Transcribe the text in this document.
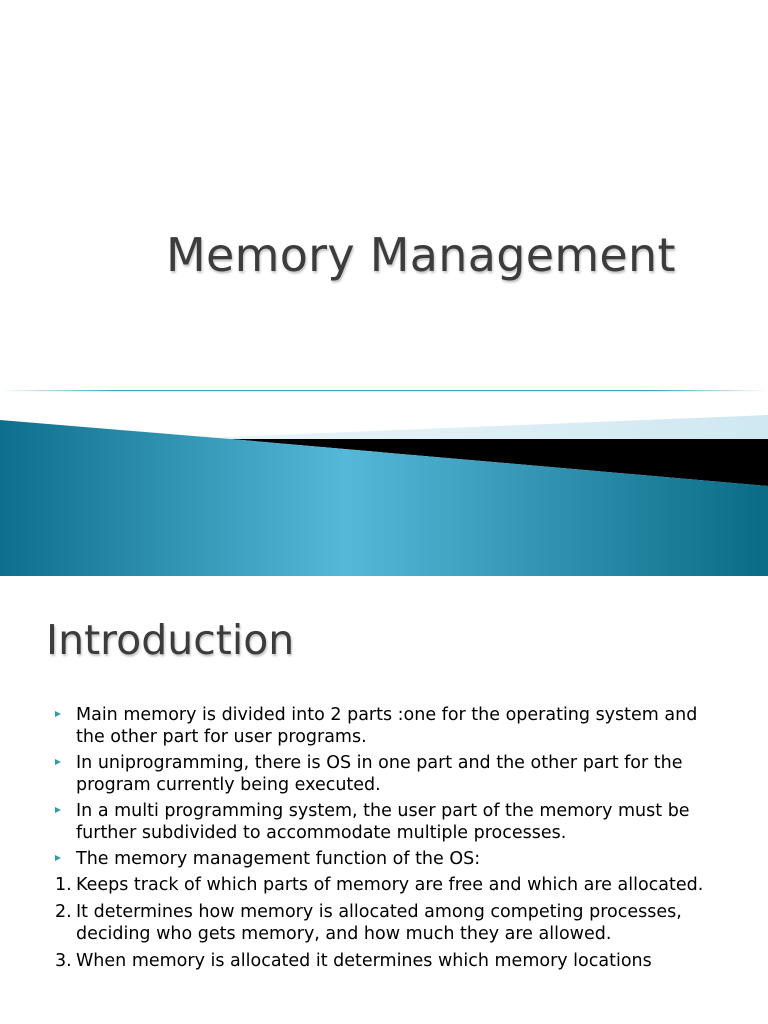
Memory Management
Introduction
Main memory is divided into 2 parts :one for the operating system and the other part for user programs.
In uniprogramming, there is OS in one part and the other part for the program currently being executed.
In a multi programming system, the user part of the memory must be further subdivided to accommodate multiple processes.
The memory management function of the OS:
1. Keeps track of which parts of memory are free and which are allocated.
2. It determines how memory is allocated among competing processes, deciding who gets memory, and how much they are allowed.
3. When memory is allocated it determines which memory locations
